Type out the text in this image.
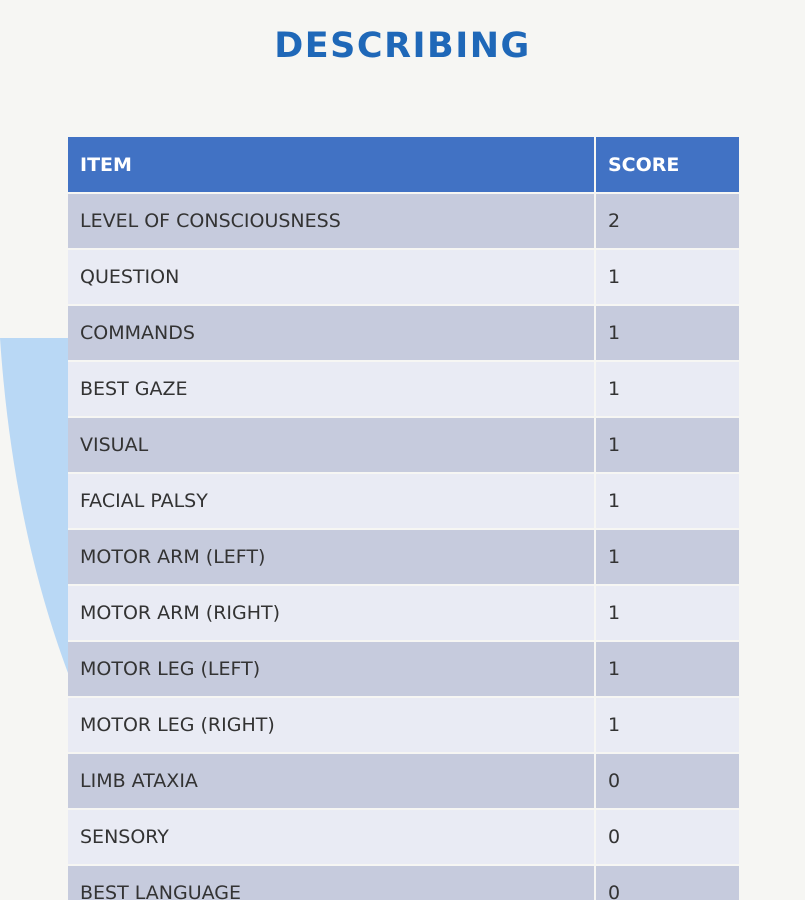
DESCRIBING
ITEM	SCORE
LEVEL OF CONSCIOUSNESS	2
QUESTION	1
COMMANDS	1
BEST GAZE	1
VISUAL	1
FACIAL PALSY	1
MOTOR ARM (LEFT)	1
MOTOR ARM (RIGHT)	1
MOTOR LEG (LEFT)	1
MOTOR LEG (RIGHT)	1
LIMB ATAXIA	0
SENSORY	0
BEST LANGUAGE	0
